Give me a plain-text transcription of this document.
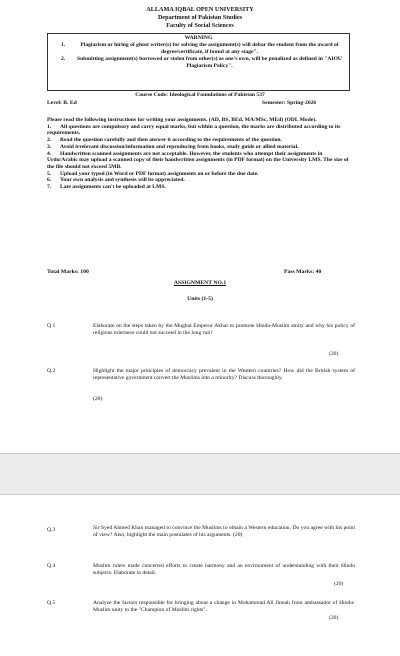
ALLAMA IQBAL OPEN UNIVERSITY
Department of Pakistan Studies
Faculty of Social Sciences
WARNING
1.	Plagiarism or hiring of ghost writer(s) for solving the assignment(s) will debar the student from the award of degree/certificate, if found at any stage".
2. Submitting assignment(s) borrowed or stolen from other(s) as one's own, will be penalized as defined in "AIOU Plagiarism Policy".
Course Code: Ideological Foundations of Pakistan 537
Level: B. Ed	Semester: Spring-2026
Please read the following instructions for writing your assignments. (AD, BS, BEd, MA/MSc, MEd) (ODL Mode).
1. All questions are compulsory and carry equal marks, but within a question, the marks are distributed according to its requirements.
2. Read the question carefully and then answer it according to the requirements of the question.
3. Avoid irrelevant discussion/information and reproducing from books, study guide or allied material.
4. Handwritten scanned assignments are not acceptable. However, the students who attempt their assignments in Urdu/Arabic may upload a scanned copy of their handwritten assignments (in PDF format) on the University LMS. The size of the file should not exceed 5MB.
5. Upload your typed (in Word or PDF format) assignments on or before the due date.
6. Your own analysis and synthesis will be appreciated.
7. Late assignments can't be uploaded at LMS.
Total Marks: 100	Pass Marks: 40
ASSIGNMENT NO.1
Units (1-5)
Q 1	Elaborate on the steps taken by the Mughal Emperor Akbar to promote Hindu-Muslim amity and why his policy of religious tolerance could not succeed in the long run?
(20)
Q.2	Highlight the major principles of democracy prevalent in the Western countries? How did the British system of representative government convert the Muslims into a minority? Discuss thoroughly.
(20)
Q.3	Sir Syed Ahmed Khan managed to convince the Muslims to obtain a Western education. Do you agree with his point of view? Also, highlight the main postulates of his arguments. (20)
Q.4	Muslim rulers made concerted efforts to create harmony and an environment of understanding with their Hindu subjects. Elaborate in detail.
(20)
Q.5	Analyze the factors responsible for bringing about a change in Mohammad Ali Jinnah from ambassador of Hindu- Muslim unity to the "Champion of Muslim rights".
(20)
